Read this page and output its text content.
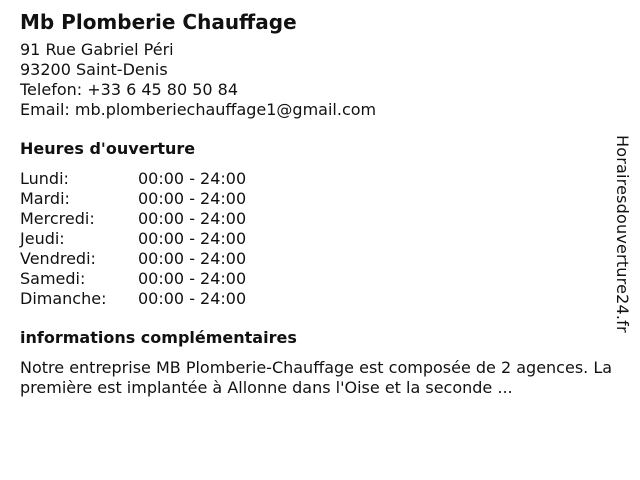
Mb Plomberie Chauffage
91 Rue Gabriel Péri
93200 Saint-Denis
Telefon: +33 6 45 80 50 84
Email: mb.plomberiechauffage1@gmail.com
Heures d'ouverture
Lundi:	00:00 - 24:00
Mardi:	00:00 - 24:00
Mercredi:	00:00 - 24:00
Jeudi:	00:00 - 24:00
Vendredi:	00:00 - 24:00
Samedi:	00:00 - 24:00
Dimanche:	00:00 - 24:00
informations complémentaires
Notre entreprise MB Plomberie-Chauffage est composée de 2 agences. La première est implantée à Allonne dans l'Oise et la seconde ...
Horairesdouverture24.fr
